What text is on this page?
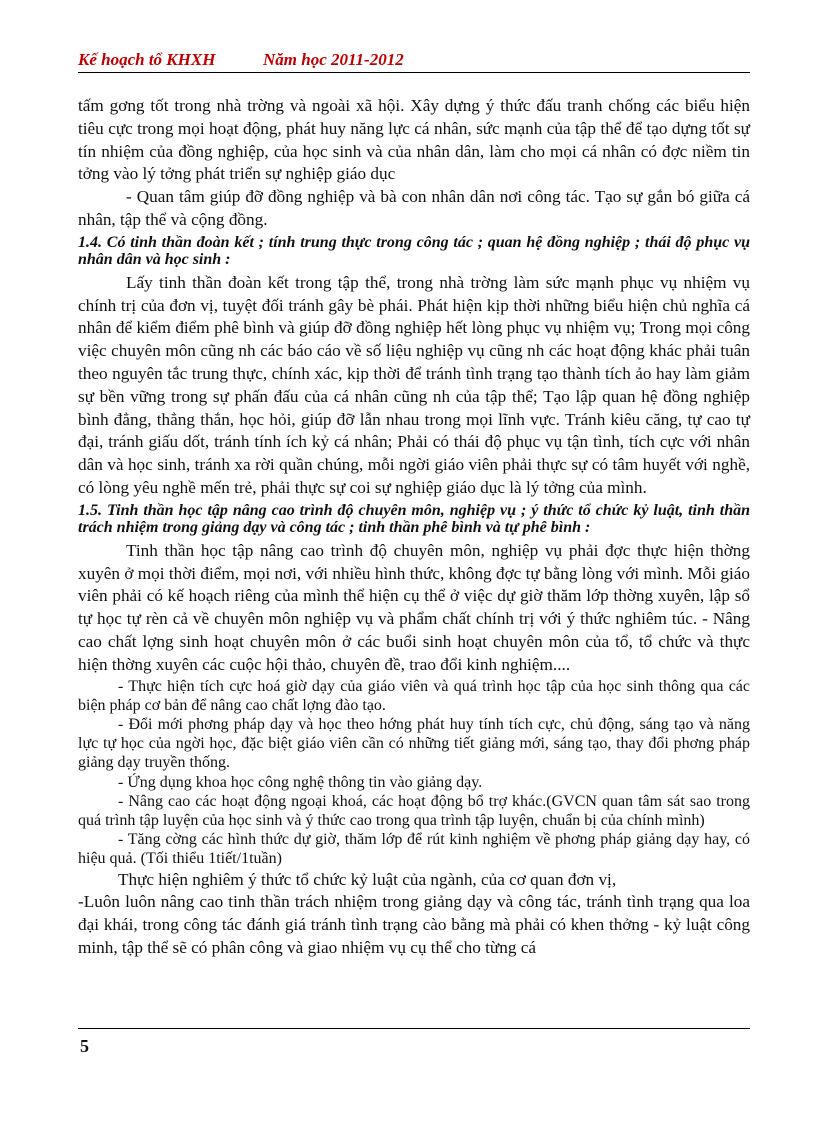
Kế hoạch tổ KHXH	Năm học 2011-2012

tấm gơng tốt trong nhà trờng và ngoài xã hội. Xây dựng ý thức đấu tranh chống các biểu hiện tiêu cực trong mọi hoạt động, phát huy năng lực cá nhân, sức mạnh của tập thể để tạo dựng tốt sự tín nhiệm của đồng nghiệp, của học sinh và của nhân dân, làm cho mọi cá nhân có đợc niềm tin tởng vào lý tởng phát triển sự nghiệp giáo dục

- Quan tâm giúp đỡ đồng nghiệp và bà con nhân dân nơi công tác. Tạo sự gắn bó giữa cá nhân, tập thể và cộng đồng.

1.4. Có tinh thần đoàn kết ; tính trung thực trong công tác ; quan hệ đồng nghiệp ; thái độ phục vụ nhân dân và học sinh :

Lấy tinh thần đoàn kết trong tập thể, trong nhà trờng làm sức mạnh phục vụ nhiệm vụ chính trị của đơn vị, tuyệt đối tránh gây bè phái. Phát hiện kịp thời những biểu hiện chủ nghĩa cá nhân để kiểm điểm phê bình và giúp đỡ đồng nghiệp hết lòng phục vụ nhiệm vụ; Trong mọi công việc chuyên môn cũng nh các báo cáo về số liệu nghiệp vụ cũng nh các hoạt động khác phải tuân theo nguyên tắc trung thực, chính xác, kịp thời để tránh tình trạng tạo thành tích ảo hay làm giảm sự bền vững trong sự phấn đấu của cá nhân cũng nh của tập thể; Tạo lập quan hệ đồng nghiệp bình đẳng, thẳng thắn, học hỏi, giúp đỡ lẫn nhau trong mọi lĩnh vực. Tránh kiêu căng, tự cao tự đại, tránh giấu dốt, tránh tính ích kỷ cá nhân; Phải có thái độ phục vụ tận tình, tích cực với nhân dân và học sinh, tránh xa rời quần chúng, mỗi ngời giáo viên phải thực sự có tâm huyết với nghề, có lòng yêu nghề mến trẻ, phải thực sự coi sự nghiệp giáo dục là lý tởng của mình.

1.5. Tinh thần học tập nâng cao trình độ chuyên môn, nghiệp vụ ; ý thức tổ chức kỷ luật, tinh thần trách nhiệm trong giảng dạy và công tác ; tinh thần phê bình và tự phê bình :

Tinh thần học tập nâng cao trình độ chuyên môn, nghiệp vụ phải đợc thực hiện thờng xuyên ở mọi thời điểm, mọi nơi, với nhiều hình thức, không đợc tự bằng lòng với mình. Mỗi giáo viên phải có kế hoạch riêng của mình thể hiện cụ thể ở việc dự giờ thăm lớp thờng xuyên, lập sổ tự học tự rèn cả về chuyên môn nghiệp vụ và phẩm chất chính trị với ý thức nghiêm túc. - Nâng cao chất lợng sinh hoạt chuyên môn ở các buổi sinh hoạt chuyên môn của tổ, tổ chức và thực hiện thờng xuyên các cuộc hội thảo, chuyên đề, trao đổi kinh nghiệm....

- Thực hiện tích cực hoá giờ dạy của giáo viên và quá trình học tập của học sinh thông qua các biện pháp cơ bản để nâng cao chất lợng đào tạo.

- Đổi mới phơng pháp dạy và học theo hớng phát huy tính tích cực, chủ động, sáng tạo và năng lực tự học của ngời học, đặc biệt giáo viên cần có những tiết giảng mới, sáng tạo, thay đổi phơng pháp giảng dạy truyền thống.

- Ứng dụng khoa học công nghệ thông tin vào giảng dạy.

- Nâng cao các hoạt động ngoại khoá, các hoạt động bổ trợ khác.(GVCN quan tâm sát sao trong quá trình tập luyện của học sinh và ý thức cao trong qua trình tập luyện, chuẩn bị của chính mình)

- Tăng cờng các hình thức dự giờ, thăm lớp để rút kinh nghiệm về phơng pháp giảng dạy hay, có hiệu quả. (Tối thiểu 1tiết/1tuần)

Thực hiện nghiêm ý thức tổ chức kỷ luật của ngành, của cơ quan đơn vị,

-Luôn luôn nâng cao tinh thần trách nhiệm trong giảng dạy và công tác, tránh tình trạng qua loa đại khái, trong công tác đánh giá tránh tình trạng cào bằng mà phải có khen thởng - kỷ luật công minh, tập thể sẽ có phân công và giao nhiệm vụ cụ thể cho từng cá

5
